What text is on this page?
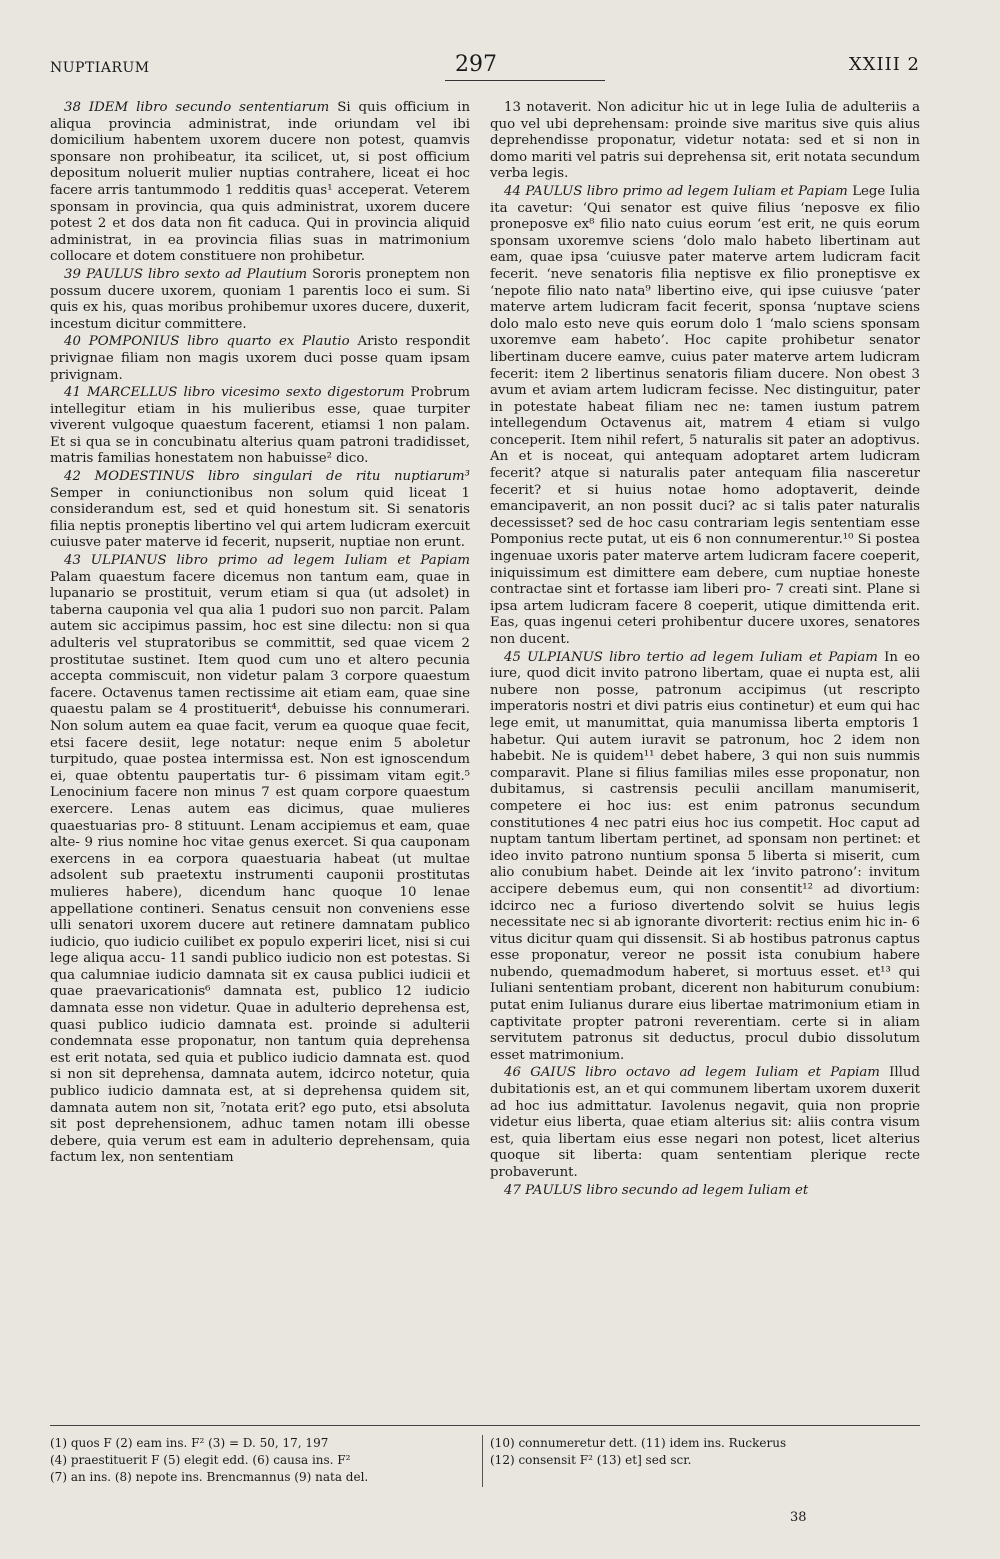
NUPTIARUM	297	XXIII 2

38 IDEM libro secundo sententiarum Si quis officium in aliqua provincia administrat, inde oriundam vel ibi domicilium habentem uxorem ducere non potest, quamvis sponsare non prohibeatur, ita scilicet, ut, si post officium depositum noluerit mulier nuptias contrahere, liceat ei hoc facere arris tantummodo 1 redditis quas¹ acceperat. Veterem sponsam in provincia, qua quis administrat, uxorem ducere potest 2 et dos data non fit caduca. Qui in provincia aliquid administrat, in ea provincia filias suas in matrimonium collocare et dotem constituere non prohibetur.

39 PAULUS libro sexto ad Plautium Sororis proneptem non possum ducere uxorem, quoniam 1 parentis loco ei sum. Si quis ex his, quas moribus prohibemur uxores ducere, duxerit, incestum dicitur committere.

40 POMPONIUS libro quarto ex Plautio Aristo respondit privignae filiam non magis uxorem duci posse quam ipsam privignam.

41 MARCELLUS libro vicesimo sexto digestorum Probrum intellegitur etiam in his mulieribus esse, quae turpiter viverent vulgoque quaestum facerent, etiamsi 1 non palam. Et si qua se in concubinatu alterius quam patroni tradidisset, matris familias honestatem non habuisse² dico.

42 MODESTINUS libro singulari de ritu nuptiarum³ Semper in coniunctionibus non solum quid liceat 1 considerandum est, sed et quid honestum sit. Si senatoris filia neptis proneptis libertino vel qui artem ludicram exercuit cuiusve pater materve id fecerit, nupserit, nuptiae non erunt.

43 ULPIANUS libro primo ad legem Iuliam et Papiam Palam quaestum facere dicemus non tantum eam, quae in lupanario se prostituit, verum etiam si qua (ut adsolet) in taberna cauponia vel qua alia 1 pudori suo non parcit. Palam autem sic accipimus passim, hoc est sine dilectu: non si qua adulteris vel stupratoribus se committit, sed quae vicem 2 prostitutae sustinet. Item quod cum uno et altero pecunia accepta commiscuit, non videtur palam 3 corpore quaestum facere. Octavenus tamen rectissime ait etiam eam, quae sine quaestu palam se 4 prostituerit⁴, debuisse his connumerari. Non solum autem ea quae facit, verum ea quoque quae fecit, etsi facere desiit, lege notatur: neque enim 5 aboletur turpitudo, quae postea intermissa est. Non est ignoscendum ei, quae obtentu paupertatis tur- 6 pissimam vitam egit.⁵ Lenocinium facere non minus 7 est quam corpore quaestum exercere. Lenas autem eas dicimus, quae mulieres quaestuarias pro- 8 stituunt. Lenam accipiemus et eam, quae alte- 9 rius nomine hoc vitae genus exercet. Si qua cauponam exercens in ea corpora quaestuaria habeat (ut multae adsolent sub praetextu instrumenti cauponii prostitutas mulieres habere), dicendum hanc quoque 10 lenae appellatione contineri. Senatus censuit non conveniens esse ulli senatori uxorem ducere aut retinere damnatam publico iudicio, quo iudicio cuilibet ex populo experiri licet, nisi si cui lege aliqua accu- 11 sandi publico iudicio non est potestas. Si qua calumniae iudicio damnata sit ex causa publici iudicii et quae praevaricationis⁶ damnata est, publico 12 iudicio damnata esse non videtur. Quae in adulterio deprehensa est, quasi publico iudicio damnata est. proinde si adulterii condemnata esse proponatur, non tantum quia deprehensa est erit notata, sed quia et publico iudicio damnata est. quod si non sit deprehensa, damnata autem, idcirco notetur, quia publico iudicio damnata est, at si deprehensa quidem sit, damnata autem non sit, ⁷notata erit? ego puto, etsi absoluta sit post deprehensionem, adhuc tamen notam illi obesse debere, quia verum est eam in adulterio deprehensam, quia factum lex, non sententiam

13 notaverit. Non adicitur hic ut in lege Iulia de adulteriis a quo vel ubi deprehensam: proinde sive maritus sive quis alius deprehendisse proponatur, videtur notata: sed et si non in domo mariti vel patris sui deprehensa sit, erit notata secundum verba legis.

44 PAULUS libro primo ad legem Iuliam et Papiam Lege Iulia ita cavetur: ‘Qui senator est quive filius ‘neposve ex filio proneposve ex⁸ filio nato cuius eorum ‘est erit, ne quis eorum sponsam uxoremve sciens ‘dolo malo habeto libertinam aut eam, quae ipsa ‘cuiusve pater materve artem ludicram facit fecerit. ‘neve senatoris filia neptisve ex filio proneptisve ex ‘nepote filio nato nata⁹ libertino eive, qui ipse cuiusve ‘pater materve artem ludicram facit fecerit, sponsa ‘nuptave sciens dolo malo esto neve quis eorum dolo 1 ‘malo sciens sponsam uxoremve eam habeto’. Hoc capite prohibetur senator libertinam ducere eamve, cuius pater materve artem ludicram fecerit: item 2 libertinus senatoris filiam ducere. Non obest 3 avum et aviam artem ludicram fecisse. Nec distinguitur, pater in potestate habeat filiam nec ne: tamen iustum patrem intellegendum Octavenus ait, matrem 4 etiam si vulgo conceperit. Item nihil refert, 5 naturalis sit pater an adoptivus. An et is noceat, qui antequam adoptaret artem ludicram fecerit? atque si naturalis pater antequam filia nasceretur fecerit? et si huius notae homo adoptaverit, deinde emancipaverit, an non possit duci? ac si talis pater naturalis decessisset? sed de hoc casu contrariam legis sententiam esse Pomponius recte putat, ut eis 6 non connumerentur.¹⁰ Si postea ingenuae uxoris pater materve artem ludicram facere coeperit, iniquissimum est dimittere eam debere, cum nuptiae honeste contractae sint et fortasse iam liberi pro- 7 creati sint. Plane si ipsa artem ludicram facere 8 coeperit, utique dimittenda erit. Eas, quas ingenui ceteri prohibentur ducere uxores, senatores non ducent.

45 ULPIANUS libro tertio ad legem Iuliam et Papiam In eo iure, quod dicit invito patrono libertam, quae ei nupta est, alii nubere non posse, patronum accipimus (ut rescripto imperatoris nostri et divi patris eius continetur) et eum qui hac lege emit, ut manumittat, quia manumissa liberta emptoris 1 habetur. Qui autem iuravit se patronum, hoc 2 idem non habebit. Ne is quidem¹¹ debet habere, 3 qui non suis nummis comparavit. Plane si filius familias miles esse proponatur, non dubitamus, si castrensis peculii ancillam manumiserit, competere ei hoc ius: est enim patronus secundum constitutiones 4 nec patri eius hoc ius competit. Hoc caput ad nuptam tantum libertam pertinet, ad sponsam non pertinet: et ideo invito patrono nuntium sponsa 5 liberta si miserit, cum alio conubium habet. Deinde ait lex ‘invito patrono’: invitum accipere debemus eum, qui non consentit¹² ad divortium: idcirco nec a furioso divertendo solvit se huius legis necessitate nec si ab ignorante divorterit: rectius enim hic in- 6 vitus dicitur quam qui dissensit. Si ab hostibus patronus captus esse proponatur, vereor ne possit ista conubium habere nubendo, quemadmodum haberet, si mortuus esset. et¹³ qui Iuliani sententiam probant, dicerent non habiturum conubium: putat enim Iulianus durare eius libertae matrimonium etiam in captivitate propter patroni reverentiam. certe si in aliam servitutem patronus sit deductus, procul dubio dissolutum esset matrimonium.

46 GAIUS libro octavo ad legem Iuliam et Papiam Illud dubitationis est, an et qui communem libertam uxorem duxerit ad hoc ius admittatur. Iavolenus negavit, quia non proprie videtur eius liberta, quae etiam alterius sit: aliis contra visum est, quia libertam eius esse negari non potest, licet alterius quoque sit liberta: quam sententiam plerique recte probaverunt.

47 PAULUS libro secundo ad legem Iuliam et

(1) quos F (2) eam ins. F² (3) = D. 50, 17, 197
(4) praestituerit F (5) elegit edd. (6) causa ins. F²
(7) an ins. (8) nepote ins. Brencmannus (9) nata del.
(10) connumeretur dett. (11) idem ins. Ruckerus
(12) consensit F² (13) et] sed scr.
38
